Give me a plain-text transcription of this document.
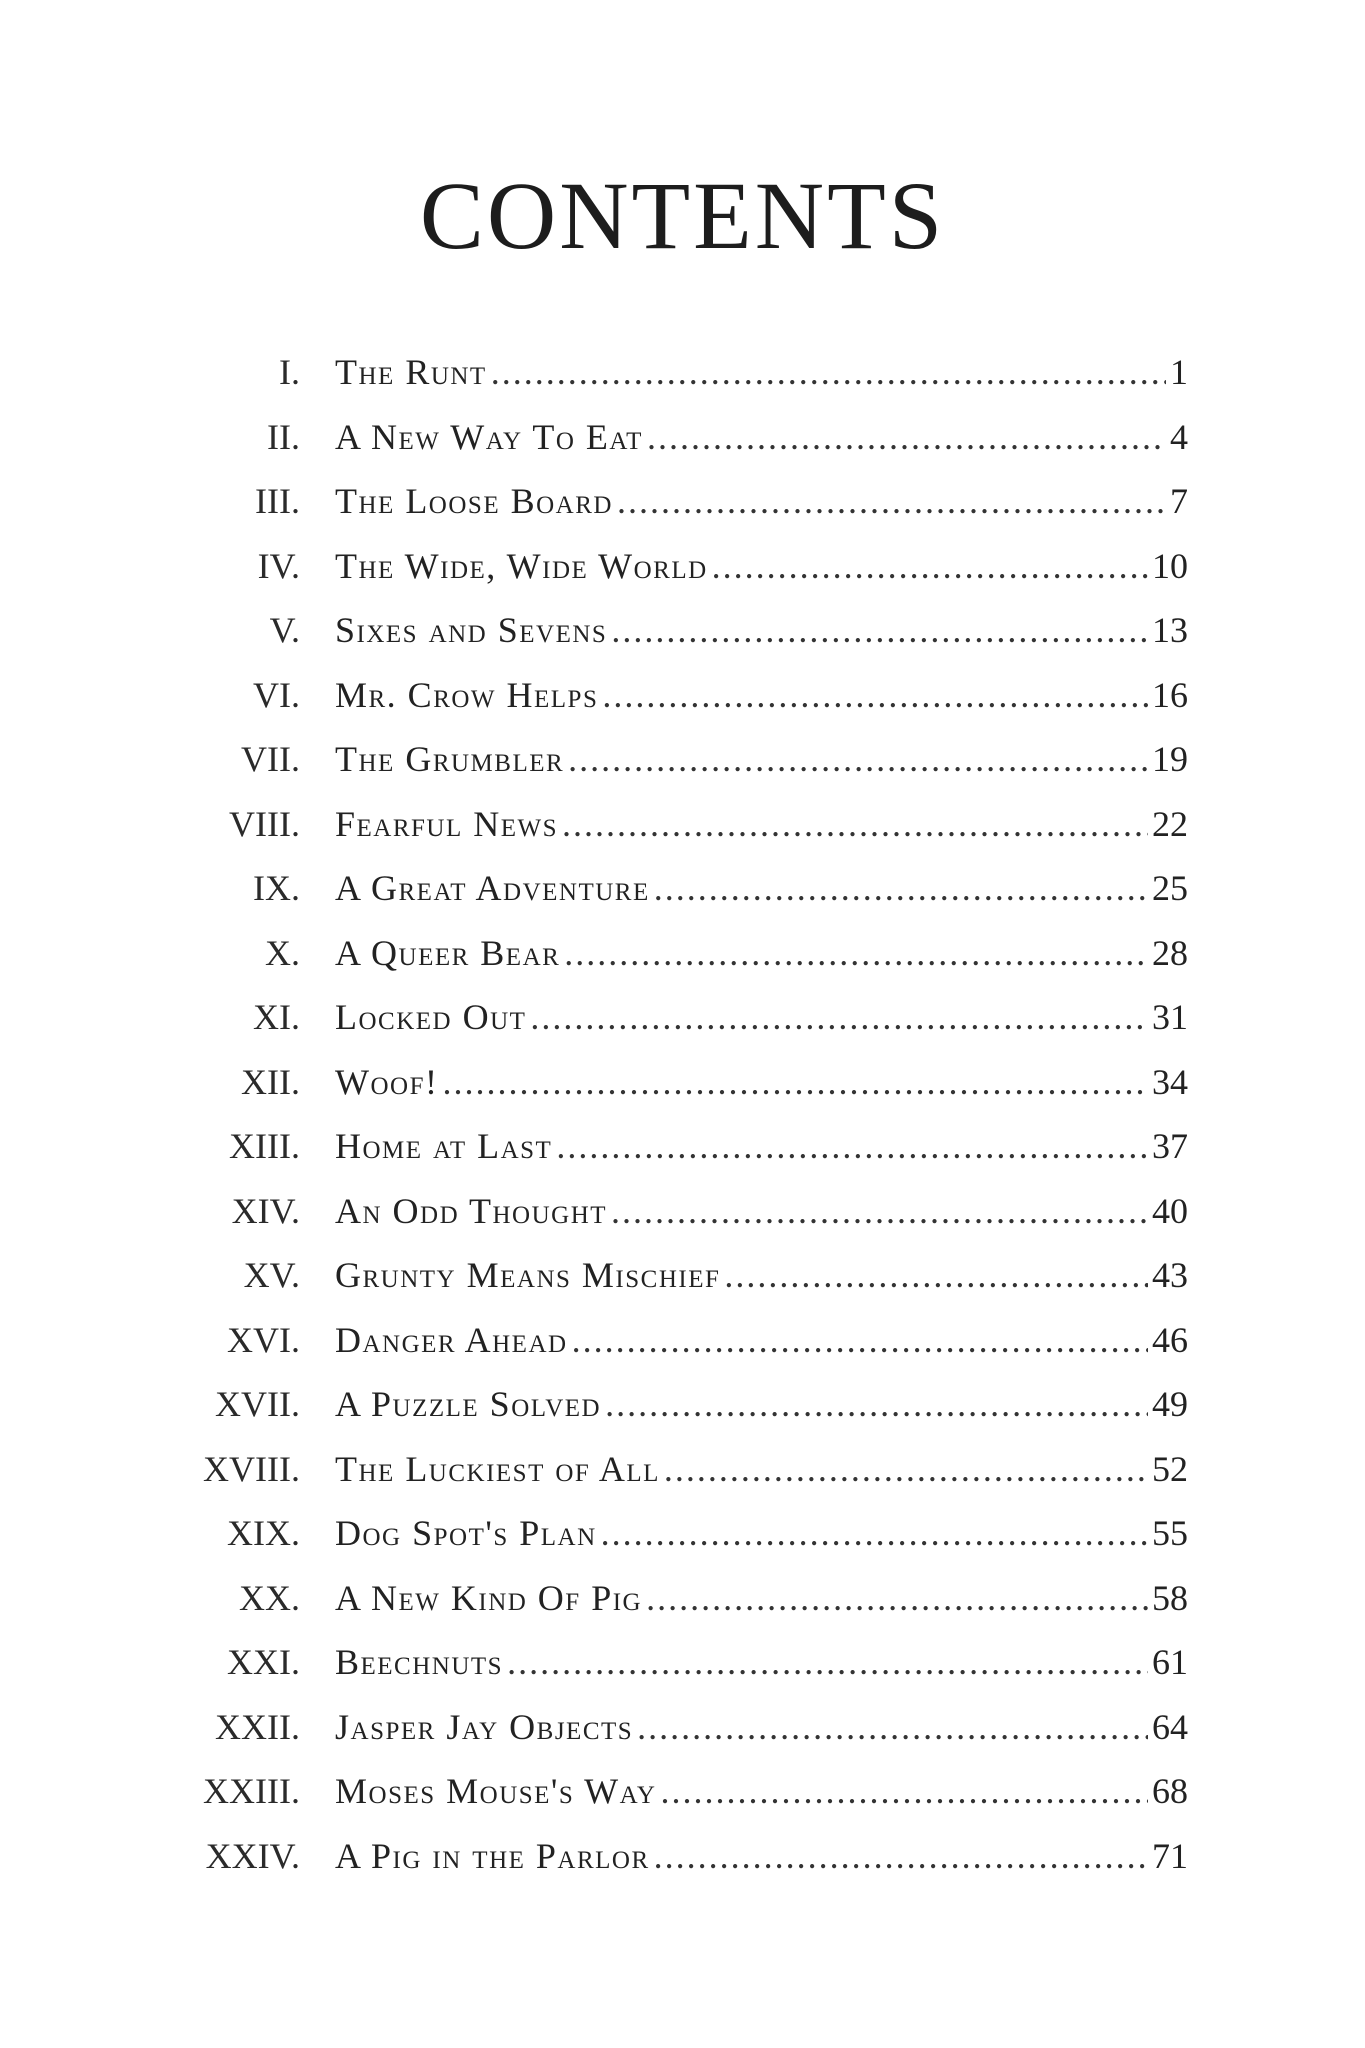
CONTENTS
I. The Runt .....	1
II. A New Way To Eat .....	4
III. The Loose Board .....	7
IV. The Wide, Wide World .....	10
V. Sixes and Sevens .....	13
VI. Mr. Crow Helps .....	16
VII. The Grumbler .....	19
VIII. Fearful News .....	22
IX. A Great Adventure .....	25
X. A Queer Bear .....	28
XI. Locked Out .....	31
XII. Woof! .....	34
XIII. Home at Last .....	37
XIV. An Odd Thought .....	40
XV. Grunty Means Mischief .....	43
XVI. Danger Ahead .....	46
XVII. A Puzzle Solved .....	49
XVIII. The Luckiest of All .....	52
XIX. Dog Spot's Plan .....	55
XX. A New Kind Of Pig .....	58
XXI. Beechnuts .....	61
XXII. Jasper Jay Objects .....	64
XXIII. Moses Mouse's Way .....	68
XXIV. A Pig in the Parlor .....	71
